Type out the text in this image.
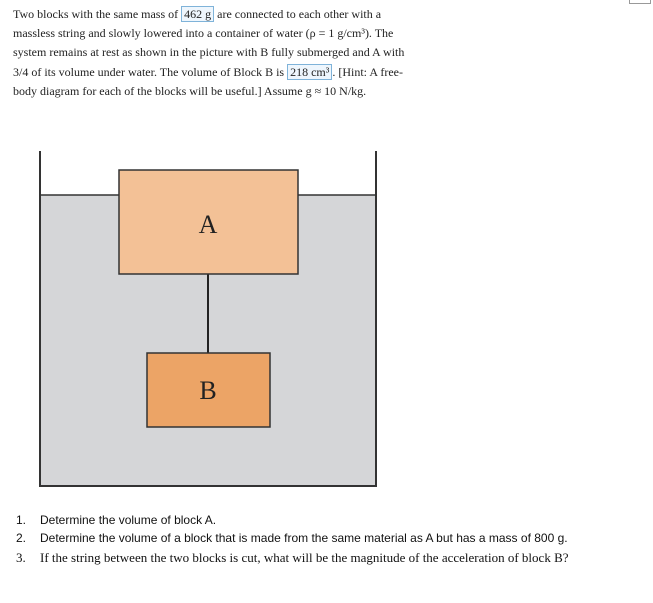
Two blocks with the same mass of 462 g are connected to each other with a massless string and slowly lowered into a container of water (ρ = 1 g/cm³). The system remains at rest as shown in the picture with B fully submerged and A with 3/4 of its volume under water. The volume of Block B is 218 cm³ . [Hint: A free-body diagram for each of the blocks will be useful.] Assume g ≈ 10 N/kg.
A
B
1. Determine the volume of block A.
2. Determine the volume of a block that is made from the same material as A but has a mass of 800 g.
3. If the string between the two blocks is cut, what will be the magnitude of the acceleration of block B?
